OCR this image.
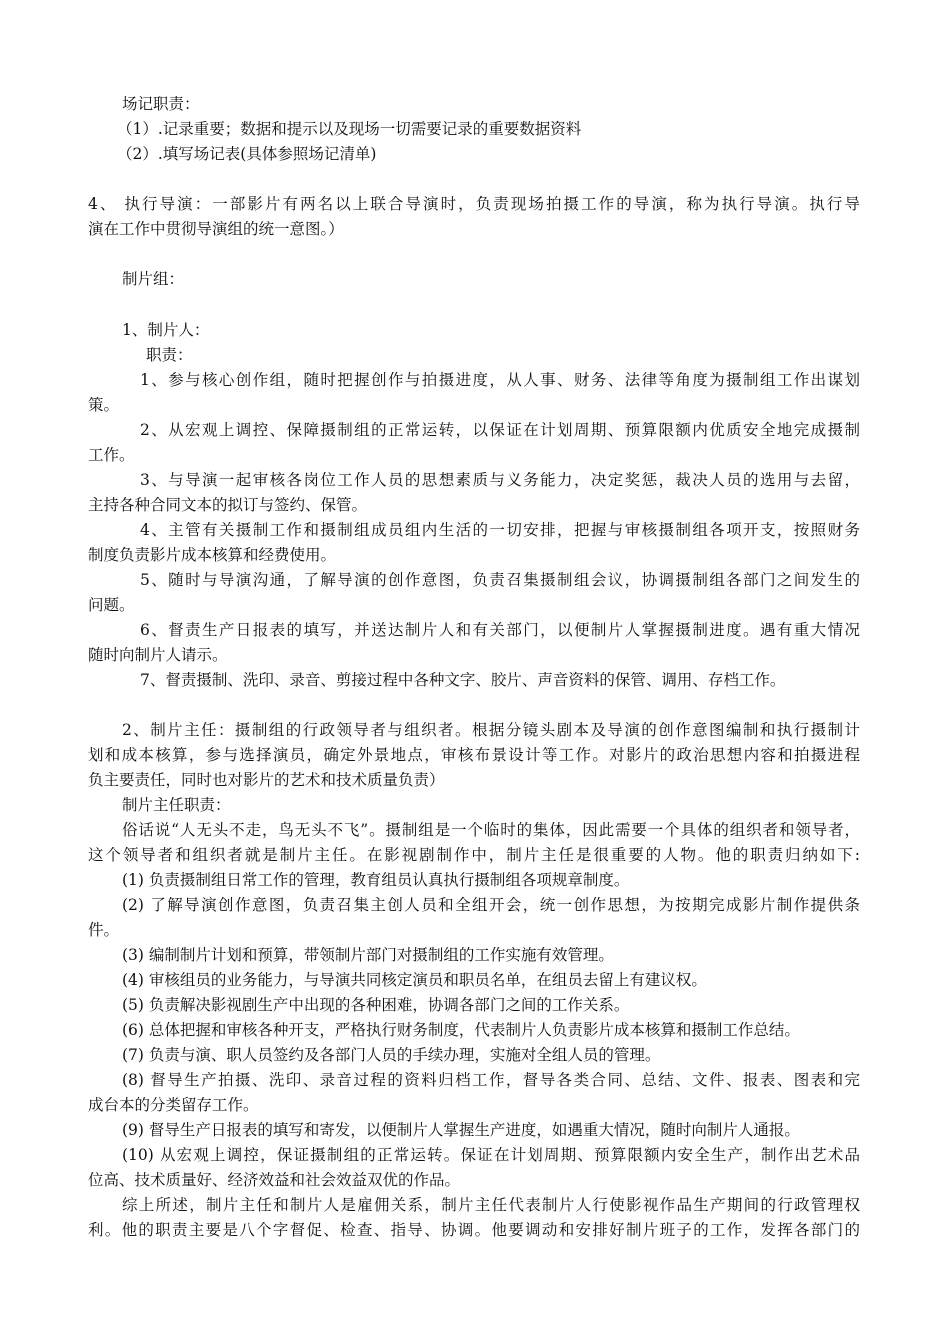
场记职责：
（1）.记录重要；数据和提示以及现场一切需要记录的重要数据资料
（2）.填写场记表(具体参照场记清单)
4、 执行导演：一部影片有两名以上联合导演时，负责现场拍摄工作的导演，称为执行导演。执行导
演在工作中贯彻导演组的统一意图。）
制片组：
1、制片人：
职责：
1、参与核心创作组，随时把握创作与拍摄进度，从人事、财务、法律等角度为摄制组工作出谋划
策。
2、从宏观上调控、保障摄制组的正常运转，以保证在计划周期、预算限额内优质安全地完成摄制
工作。
3、与导演一起审核各岗位工作人员的思想素质与义务能力，决定奖惩，裁决人员的选用与去留，
主持各种合同文本的拟订与签约、保管。
4、主管有关摄制工作和摄制组成员组内生活的一切安排，把握与审核摄制组各项开支，按照财务
制度负责影片成本核算和经费使用。
5、随时与导演沟通，了解导演的创作意图，负责召集摄制组会议，协调摄制组各部门之间发生的
问题。
6、督责生产日报表的填写，并送达制片人和有关部门，以便制片人掌握摄制进度。遇有重大情况
随时向制片人请示。
7、督责摄制、洗印、录音、剪接过程中各种文字、胶片、声音资料的保管、调用、存档工作。
2、制片主任：摄制组的行政领导者与组织者。根据分镜头剧本及导演的创作意图编制和执行摄制计
划和成本核算，参与选择演员，确定外景地点，审核布景设计等工作。对影片的政治思想内容和拍摄进程
负主要责任，同时也对影片的艺术和技术质量负责）
制片主任职责：
俗话说“人无头不走，鸟无头不飞”。摄制组是一个临时的集体，因此需要一个具体的组织者和领导者，
这个领导者和组织者就是制片主任。在影视剧制作中，制片主任是很重要的人物。他的职责归纳如下:
(1) 负责摄制组日常工作的管理，教育组员认真执行摄制组各项规章制度。
(2) 了解导演创作意图，负责召集主创人员和全组开会，统一创作思想，为按期完成影片制作提供条
件。
(3) 编制制片计划和预算，带领制片部门对摄制组的工作实施有效管理。
(4) 审核组员的业务能力，与导演共同核定演员和职员名单，在组员去留上有建议权。
(5) 负责解决影视剧生产中出现的各种困难，协调各部门之间的工作关系。
(6) 总体把握和审核各种开支，严格执行财务制度，代表制片人负责影片成本核算和摄制工作总结。
(7) 负责与演、职人员签约及各部门人员的手续办理，实施对全组人员的管理。
(8) 督导生产拍摄、洗印、录音过程的资料归档工作，督导各类合同、总结、文件、报表、图表和完
成台本的分类留存工作。
(9) 督导生产日报表的填写和寄发，以便制片人掌握生产进度，如遇重大情况，随时向制片人通报。
(10) 从宏观上调控，保证摄制组的正常运转。保证在计划周期、预算限额内安全生产，制作出艺术品
位高、技术质量好、经济效益和社会效益双优的作品。
综上所述，制片主任和制片人是雇佣关系，制片主任代表制片人行使影视作品生产期间的行政管理权
利。他的职责主要是八个字督促、检查、指导、协调。他要调动和安排好制片班子的工作，发挥各部门的
